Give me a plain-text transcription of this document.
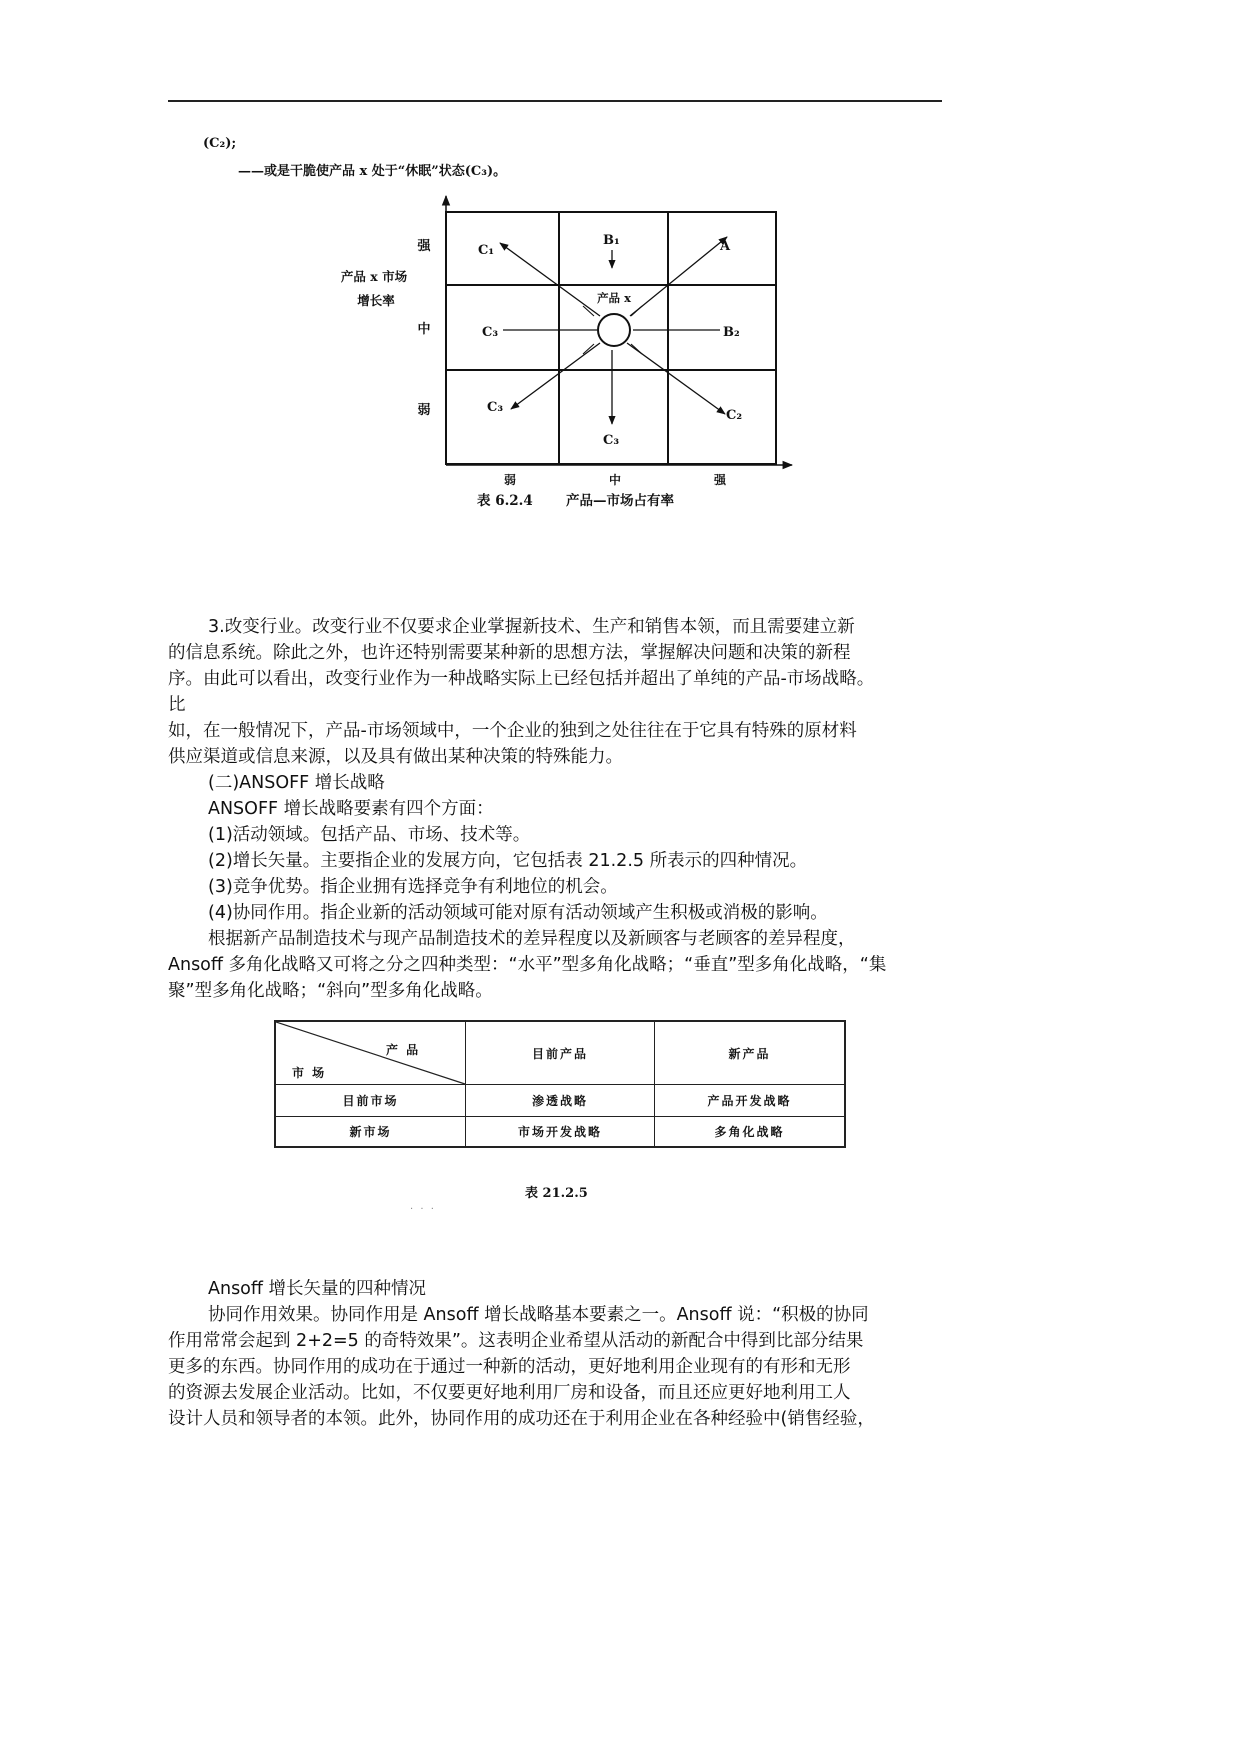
(C₂);
——或是干脆使产品 x 处于“休眠”状态(C₃)。
产品 x 市场
增长率
强
中
弱
弱	中	强
产品 x
C₁
B₁	A
C₃	B₂
C₃
C₃
C₂
表 6.2.4 产品—市场占有率
3.改变行业。改变行业不仅要求企业掌握新技术、生产和销售本领，而且需要建立新
的信息系统。除此之外，也许还特别需要某种新的思想方法，掌握解决问题和决策的新程
序。由此可以看出，改变行业作为一种战略实际上已经包括并超出了单纯的产品-市场战略。
比
如，在一般情况下，产品-市场领域中，一个企业的独到之处往往在于它具有特殊的原材料
供应渠道或信息来源，以及具有做出某种决策的特殊能力。
(二)ANSOFF 增长战略
ANSOFF 增长战略要素有四个方面：
(1)活动领域。包括产品、市场、技术等。
(2)增长矢量。主要指企业的发展方向，它包括表 21.2.5 所表示的四种情况。
(3)竞争优势。指企业拥有选择竞争有利地位的机会。
(4)协同作用。指企业新的活动领域可能对原有活动领域产生积极或消极的影响。
根据新产品制造技术与现产品制造技术的差异程度以及新顾客与老顾客的差异程度，
Ansoff 多角化战略又可将之分之四种类型：“水平”型多角化战略；“垂直”型多角化战略，“集
聚”型多角化战略；“斜向”型多角化战略。
产 品
市 场
目前产品	新产品
目前市场	渗透战略	产品开发战略
新市场	市场开发战略	多角化战略
表 21.2.5
· · ·
Ansoff 增长矢量的四种情况
协同作用效果。协同作用是 Ansoff 增长战略基本要素之一。Ansoff 说：“积极的协同
作用常常会起到 2+2=5 的奇特效果”。这表明企业希望从活动的新配合中得到比部分结果
更多的东西。协同作用的成功在于通过一种新的活动，更好地利用企业现有的有形和无形
的资源去发展企业活动。比如，不仅要更好地利用厂房和设备，而且还应更好地利用工人
设计人员和领导者的本领。此外，协同作用的成功还在于利用企业在各种经验中(销售经验，
